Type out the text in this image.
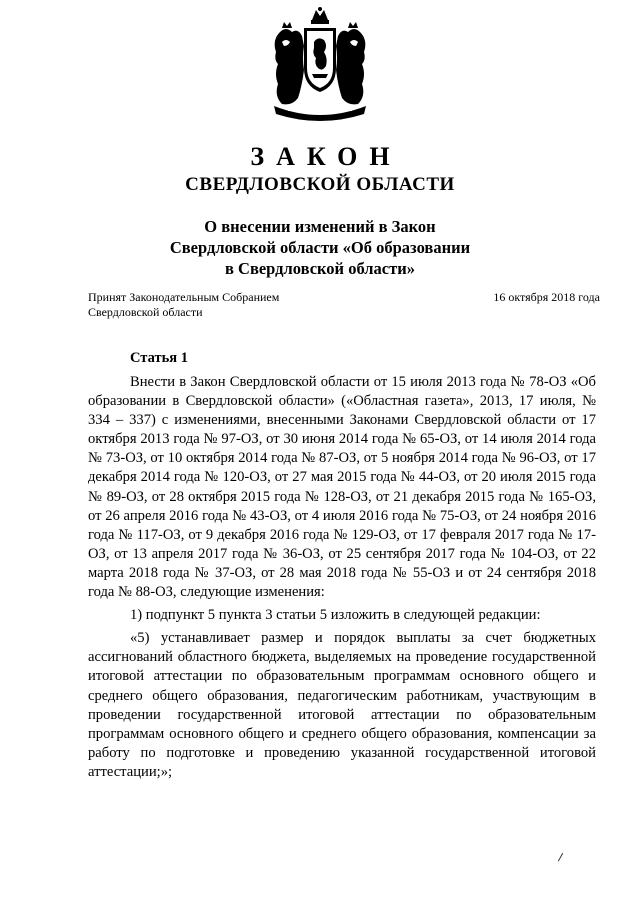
ЗАКОН
СВЕРДЛОВСКОЙ ОБЛАСТИ
О внесении изменений в Закон
Свердловской области «Об образовании
в Свердловской области»
Принят Законодательным Собранием
Свердловской области
16 октября 2018 года
Статья 1

Внести в Закон Свердловской области от 15 июля 2013 года № 78-ОЗ «Об образовании в Свердловской области» («Областная газета», 2013, 17 июля, № 334 – 337) с изменениями, внесенными Законами Свердловской области от 17 октября 2013 года № 97-ОЗ, от 30 июня 2014 года № 65-ОЗ, от 14 июля 2014 года № 73-ОЗ, от 10 октября 2014 года № 87-ОЗ, от 5 ноября 2014 года № 96-ОЗ, от 17 декабря 2014 года № 120-ОЗ, от 27 мая 2015 года № 44-ОЗ, от 20 июля 2015 года № 89-ОЗ, от 28 октября 2015 года № 128-ОЗ, от 21 декабря 2015 года № 165-ОЗ, от 26 апреля 2016 года № 43-ОЗ, от 4 июля 2016 года № 75-ОЗ, от 24 ноября 2016 года № 117-ОЗ, от 9 декабря 2016 года № 129-ОЗ, от 17 февраля 2017 года № 17-ОЗ, от 13 апреля 2017 года № 36-ОЗ, от 25 сентября 2017 года № 104-ОЗ, от 22 марта 2018 года № 37-ОЗ, от 28 мая 2018 года № 55-ОЗ и от 24 сентября 2018 года № 88-ОЗ, следующие изменения:

1) подпункт 5 пункта 3 статьи 5 изложить в следующей редакции:

«5) устанавливает размер и порядок выплаты за счет бюджетных ассигнований областного бюджета, выделяемых на проведение государственной итоговой аттестации по образовательным программам основного общего и среднего общего образования, педагогическим работникам, участвующим в проведении государственной итоговой аттестации по образовательным программам основного общего и среднего общего образования, компенсации за работу по подготовке и проведению указанной государственной итоговой аттестации;»;
